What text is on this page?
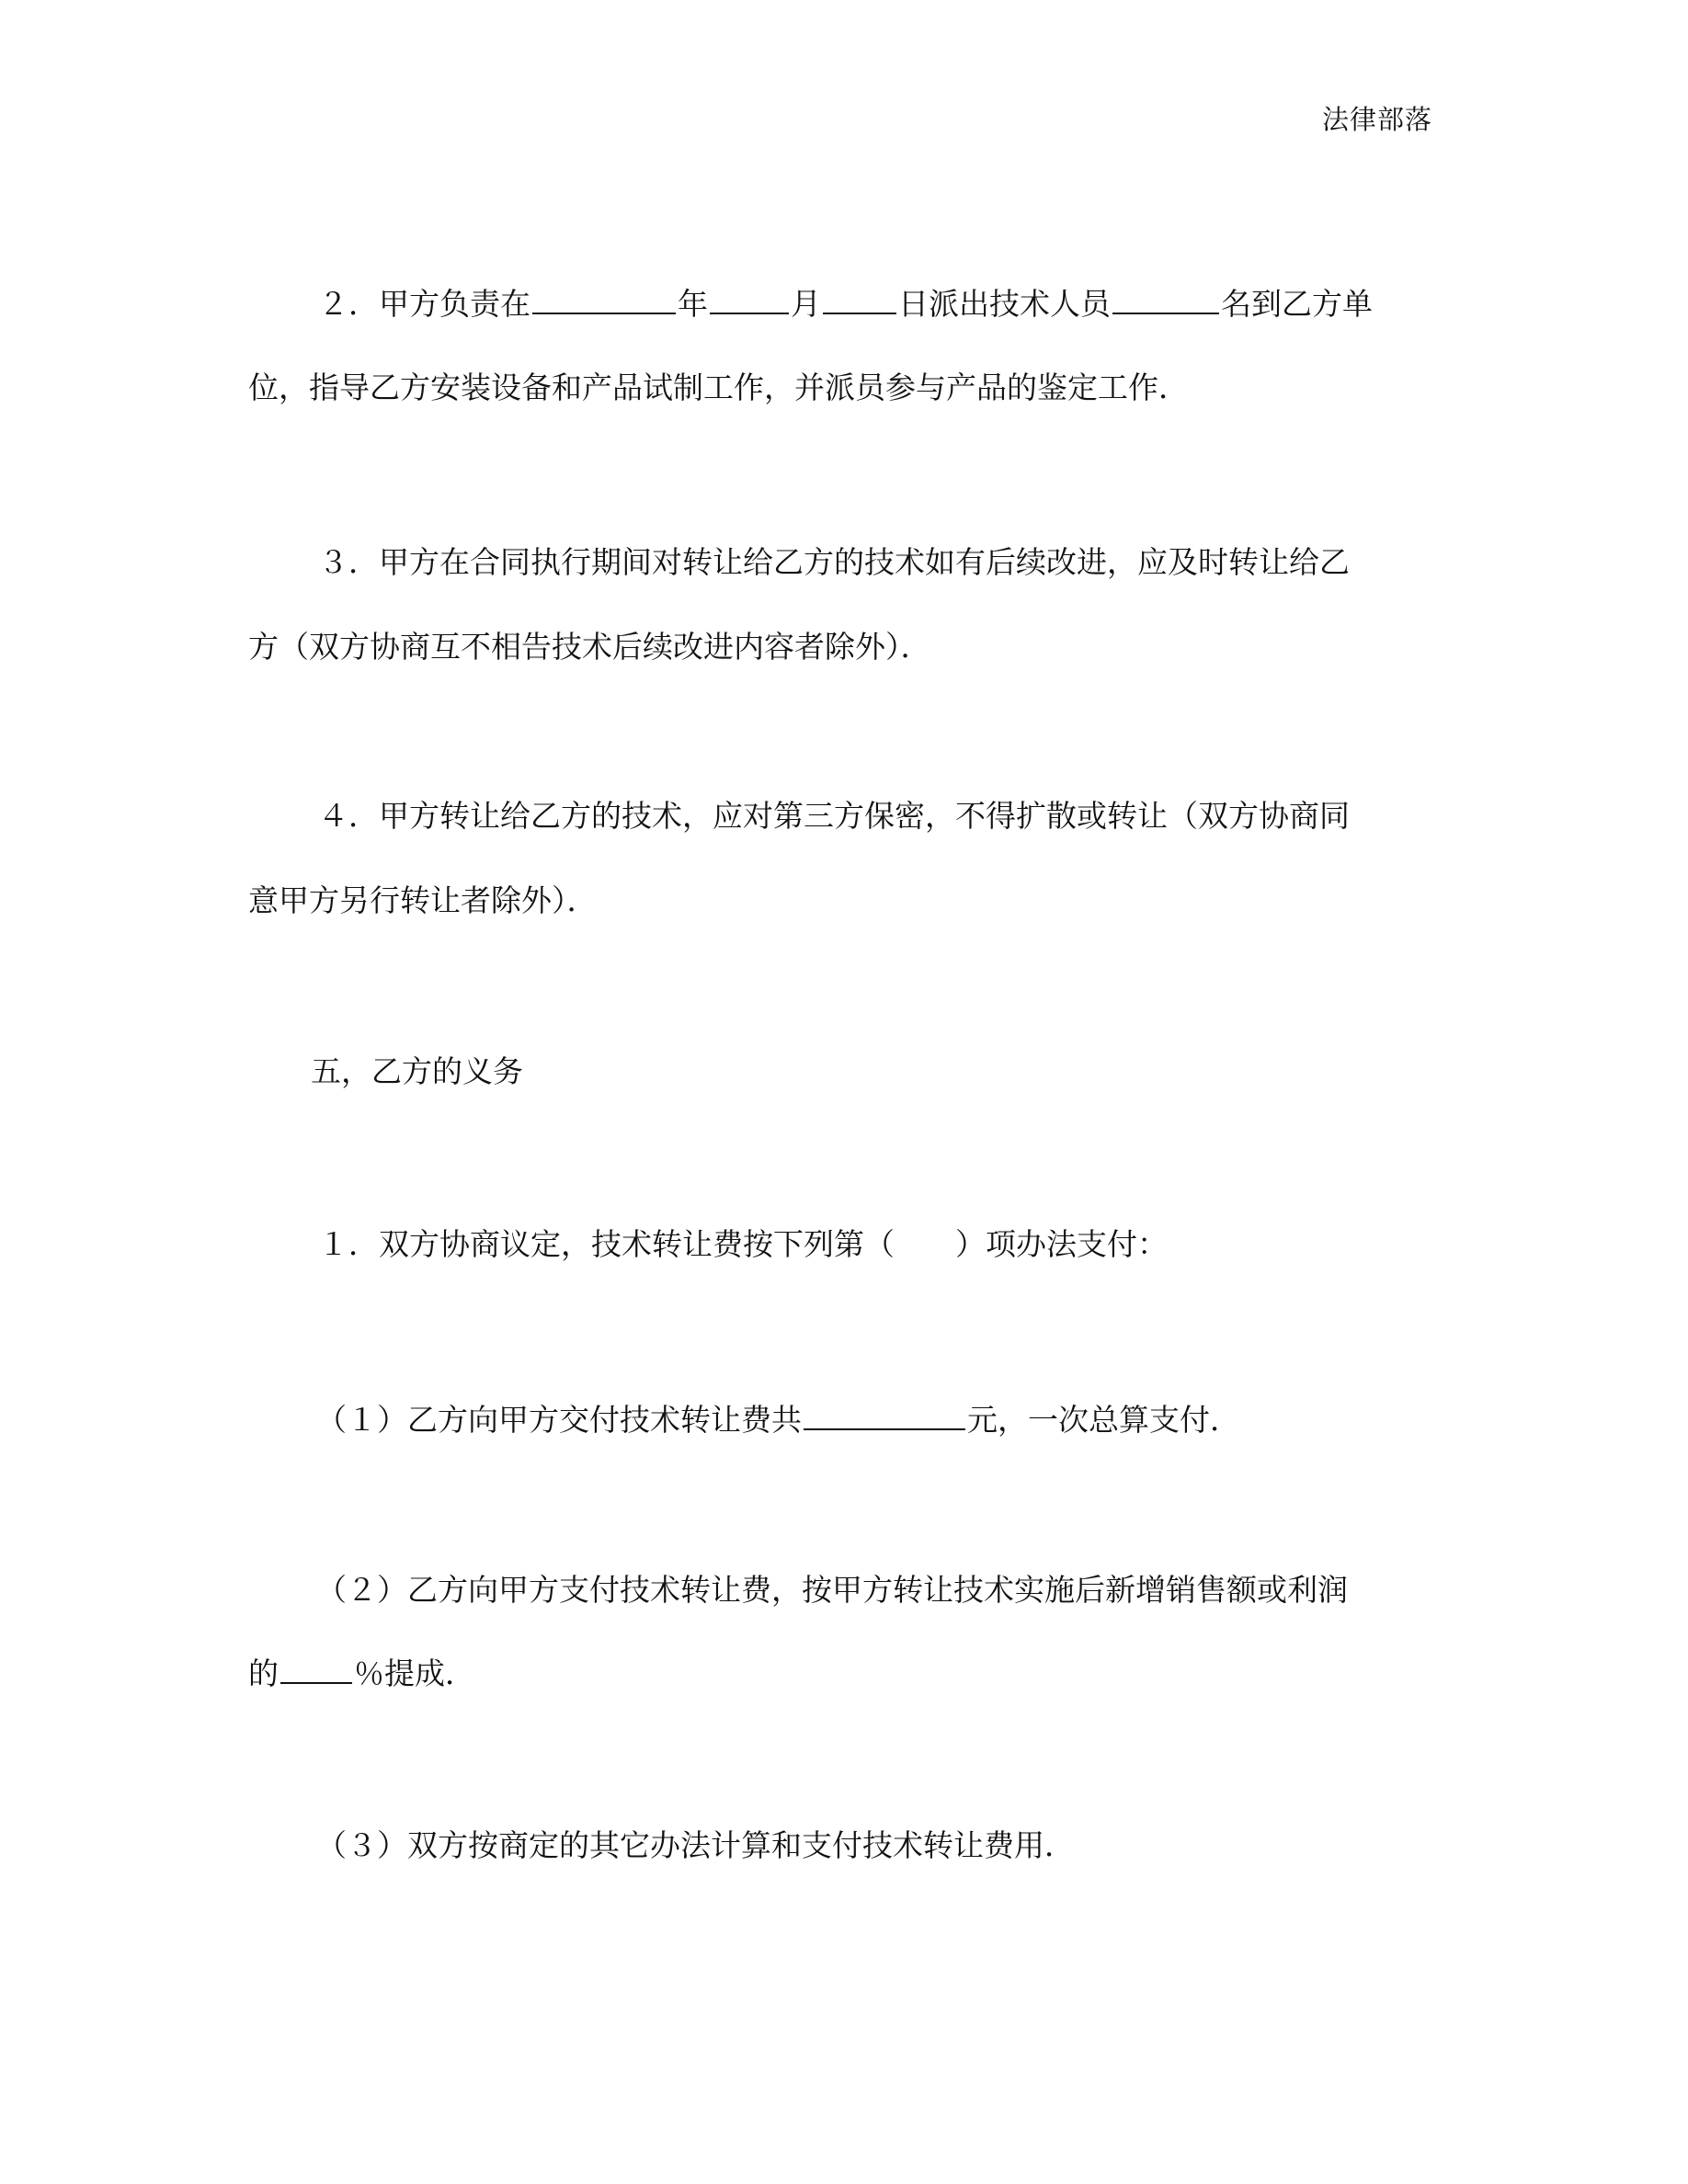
法律部落
２．甲方负责在	年	月	日派出技术人员	名到乙方单
位，指导乙方安装设备和产品试制工作，并派员参与产品的鉴定工作．
３．甲方在合同执行期间对转让给乙方的技术如有后续改进，应及时转让给乙
方（双方协商互不相告技术后续改进内容者除外）．
４．甲方转让给乙方的技术，应对第三方保密，不得扩散或转让（双方协商同
意甲方另行转让者除外）．
五，乙方的义务
１．双方协商议定，技术转让费按下列第（　　）项办法支付：
（１）乙方向甲方交付技术转让费共	元，一次总算支付．
（２）乙方向甲方支付技术转让费，按甲方转让技术实施后新增销售额或利润
的 ％提成．
（３）双方按商定的其它办法计算和支付技术转让费用．
